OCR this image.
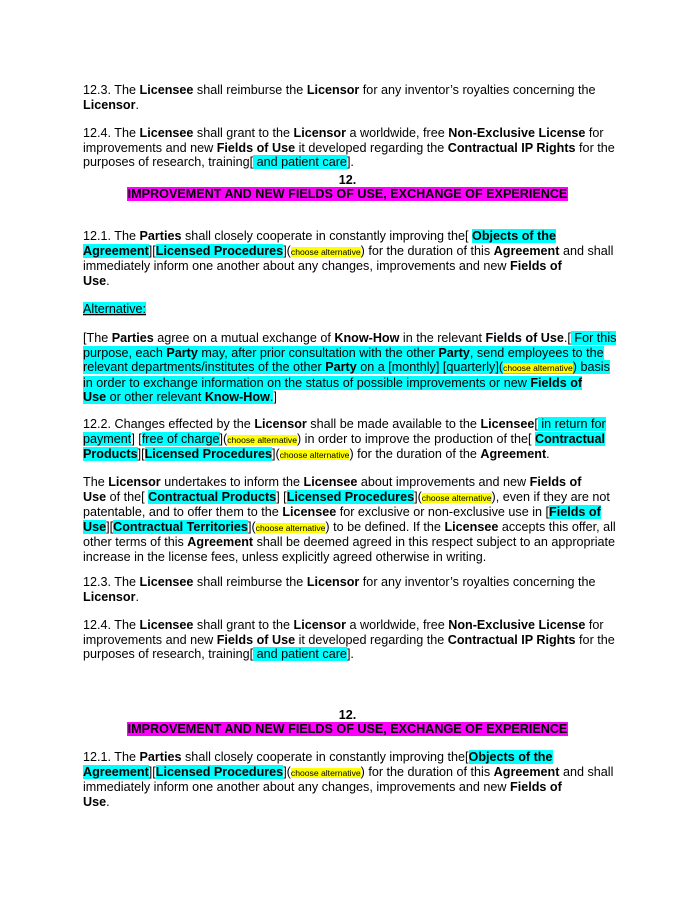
12.3. The Licensee shall reimburse the Licensor for any inventor’s royalties concerning the
Licensor.

12.4. The Licensee shall grant to the Licensor a worldwide, free Non-Exclusive License for improvements and new Fields of Use it developed regarding the Contractual IP Rights for the purposes of research, training[ and patient care].

12.
IMPROVEMENT AND NEW FIELDS OF USE, EXCHANGE OF EXPERIENCE

12.1. The Parties shall closely cooperate in constantly improving the[ Objects of the
Agreement][Licensed Procedures](choose alternative) for the duration of this Agreement and shall immediately inform one another about any changes, improvements and new Fields of
Use.

Alternative:

[The Parties agree on a mutual exchange of Know-How in the relevant Fields of Use.[ For this purpose, each Party may, after prior consultation with the other Party, send employees to the relevant departments/institutes of the other Party on a [monthly] [quarterly](choose alternative) basis in order to exchange information on the status of possible improvements or new Fields of
Use or other relevant Know-How.]

12.2. Changes effected by the Licensor shall be made available to the Licensee[ in return for payment] [free of charge](choose alternative) in order to improve the production of the[ Contractual
Products][Licensed Procedures](choose alternative) for the duration of the Agreement.

The Licensor undertakes to inform the Licensee about improvements and new Fields of
Use of the[ Contractual Products] [Licensed Procedures](choose alternative), even if they are not patentable, and to offer them to the Licensee for exclusive or non-exclusive use in [Fields of
Use][Contractual Territories](choose alternative) to be defined. If the Licensee accepts this offer, all other terms of this Agreement shall be deemed agreed in this respect subject to an appropriate increase in the license fees, unless explicitly agreed otherwise in writing.

12.3. The Licensee shall reimburse the Licensor for any inventor’s royalties concerning the
Licensor.

12.4. The Licensee shall grant to the Licensor a worldwide, free Non-Exclusive License for improvements and new Fields of Use it developed regarding the Contractual IP Rights for the purposes of research, training[ and patient care].

12.
IMPROVEMENT AND NEW FIELDS OF USE, EXCHANGE OF EXPERIENCE

12.1. The Parties shall closely cooperate in constantly improving the[Objects of the
Agreement][Licensed Procedures](choose alternative) for the duration of this Agreement and shall immediately inform one another about any changes, improvements and new Fields of
Use.
